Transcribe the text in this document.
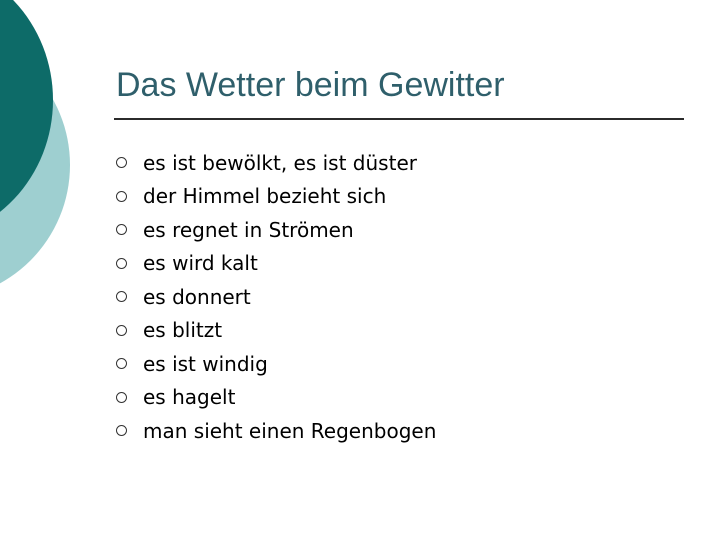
Das Wetter beim Gewitter
es ist bewölkt, es ist düster
der Himmel bezieht sich
es regnet in Strömen
es wird kalt
es donnert
es blitzt
es ist windig
es hagelt
man sieht einen Regenbogen
